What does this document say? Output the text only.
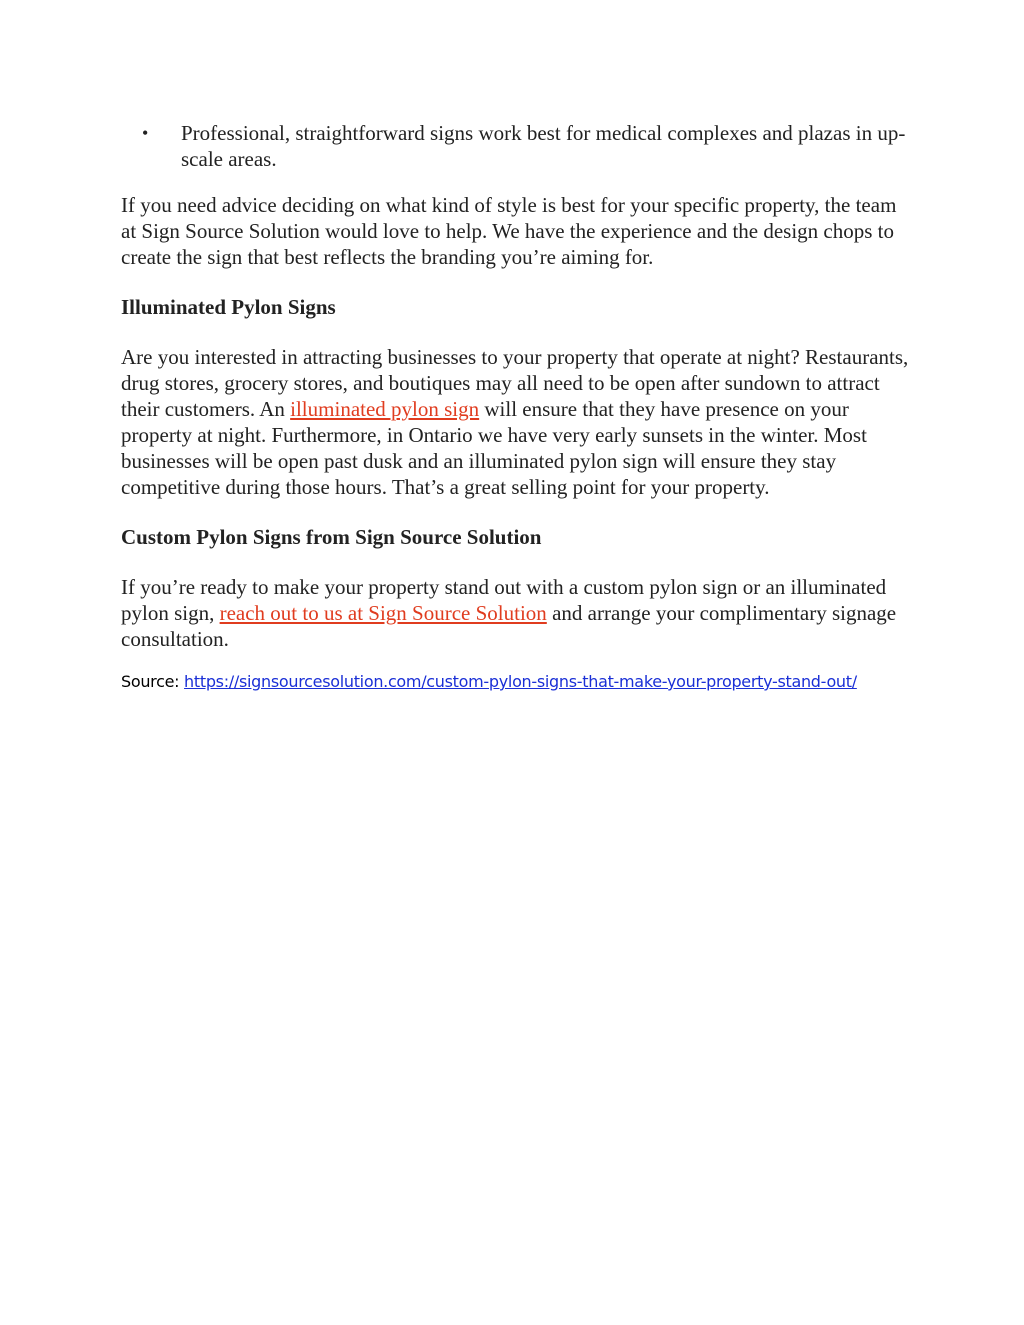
• Professional, straightforward signs work best for medical complexes and plazas in up-scale areas.

If you need advice deciding on what kind of style is best for your specific property, the team at Sign Source Solution would love to help. We have the experience and the design chops to create the sign that best reflects the branding you’re aiming for.

Illuminated Pylon Signs

Are you interested in attracting businesses to your property that operate at night? Restaurants, drug stores, grocery stores, and boutiques may all need to be open after sundown to attract their customers. An illuminated pylon sign will ensure that they have presence on your property at night. Furthermore, in Ontario we have very early sunsets in the winter. Most businesses will be open past dusk and an illuminated pylon sign will ensure they stay competitive during those hours. That’s a great selling point for your property.

Custom Pylon Signs from Sign Source Solution

If you’re ready to make your property stand out with a custom pylon sign or an illuminated pylon sign, reach out to us at Sign Source Solution and arrange your complimentary signage consultation.

Source: https://signsourcesolution.com/custom-pylon-signs-that-make-your-property-stand-out/
